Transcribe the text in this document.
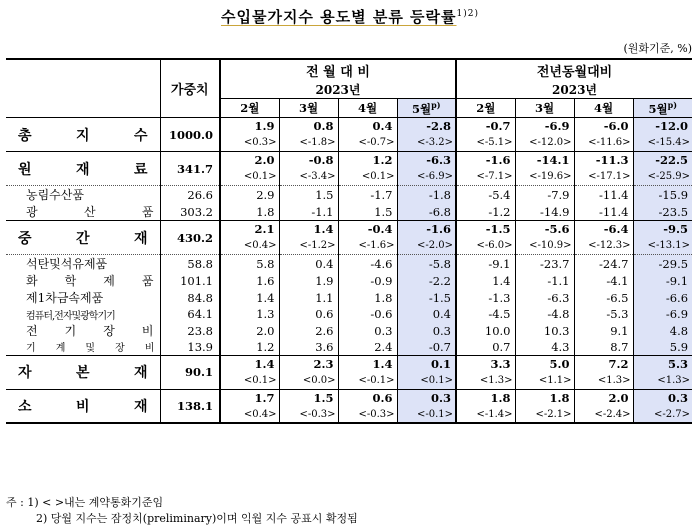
수입물가지수 용도별 분류 등락률$^{1)2)}$
(원화기준, %)
	가중치	전 월 대 비				전년동월대비			
		2023년				2023년			
		2월	3월	4월	5월$^{p)}$	2월	3월	4월	5월$^{p)}$
총 지 수	1000.0	1.9	0.8	0.4	-2.8	-0.7	-6.9	-6.0	-12.0
		<0.3>	<-1.8>	<-0.7>	<-3.2>	<-5.1>	<-12.0>	<-11.6>	<-15.4>
원 재 료	341.7	2.0	-0.8	1.2	-6.3	-1.6	-14.1	-11.3	-22.5
		<0.1>	<-3.4>	<0.1>	<-6.9>	<-7.1>	<-19.6>	<-17.1>	<-25.9>
농림수산품	26.6	2.9	1.5	-1.7	-1.8	-5.4	-7.9	-11.4	-15.9
광 산 품	303.2	1.8	-1.1	1.5	-6.8	-1.2	-14.9	-11.4	-23.5
중 간 재	430.2	2.1	1.4	-0.4	-1.6	-1.5	-5.6	-6.4	-9.5
		<0.4>	<-1.2>	<-1.6>	<-2.0>	<-6.0>	<-10.9>	<-12.3>	<-13.1>
석탄및석유제품	58.8	5.8	0.4	-4.6	-5.8	-9.1	-23.7	-24.7	-29.5
화 학 제 품	101.1	1.6	1.9	-0.9	-2.2	1.4	-1.1	-4.1	-9.1
제1차금속제품	84.8	1.4	1.1	1.8	-1.5	-1.3	-6.3	-6.5	-6.6
컴퓨터,전자및광학기기	64.1	1.3	0.6	-0.6	0.4	-4.5	-4.8	-5.3	-6.9
전 기 장 비	23.8	2.0	2.6	0.3	0.3	10.0	10.3	9.1	4.8
기 계 및 장 비	13.9	1.2	3.6	2.4	-0.7	0.7	4.3	8.7	5.9
자 본 재	90.1	1.4	2.3	1.4	0.1	3.3	5.0	7.2	5.3
		<0.1>	<0.0>	<-0.1>	<0.1>	<1.3>	<1.1>	<1.3>	<1.3>
소 비 재	138.1	1.7	1.5	0.6	0.3	1.8	1.8	2.0	0.3
		<0.4>	<-0.3>	<-0.3>	<-0.1>	<-1.4>	<-2.1>	<-2.4>	<-2.7>
주 : 1) < >내는 계약통화기준임
2) 당월 지수는 잠정치(preliminary)이며 익월 지수 공표시 확정됨
